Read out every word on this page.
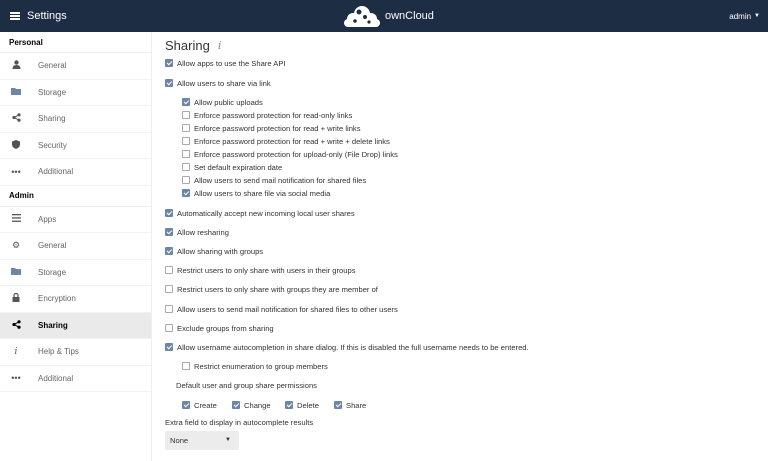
Settings	ownCloud	admin ▼
Personal
General
Storage
Sharing
Security
••• Additional
Admin
Apps
⚙ General
Storage
Encryption
Sharing
i	Help & Tips
••• Additional
Sharing i
Allow apps to use the Share API
Allow users to share via link
Allow public uploads
Enforce password protection for read-only links
Enforce password protection for read + write links
Enforce password protection for read + write + delete links
Enforce password protection for upload-only (File Drop) links
Set default expiration date
Allow users to send mail notification for shared files
Allow users to share file via social media
Automatically accept new incoming local user shares
Allow resharing
Allow sharing with groups
Restrict users to only share with users in their groups
Restrict users to only share with groups they are member of
Allow users to send mail notification for shared files to other users
Exclude groups from sharing
Allow username autocompletion in share dialog. If this is disabled the full username needs to be entered.
Restrict enumeration to group members
Default user and group share permissions
Create	Change	Delete	Share
Extra field to display in autocomplete results
None	▼
